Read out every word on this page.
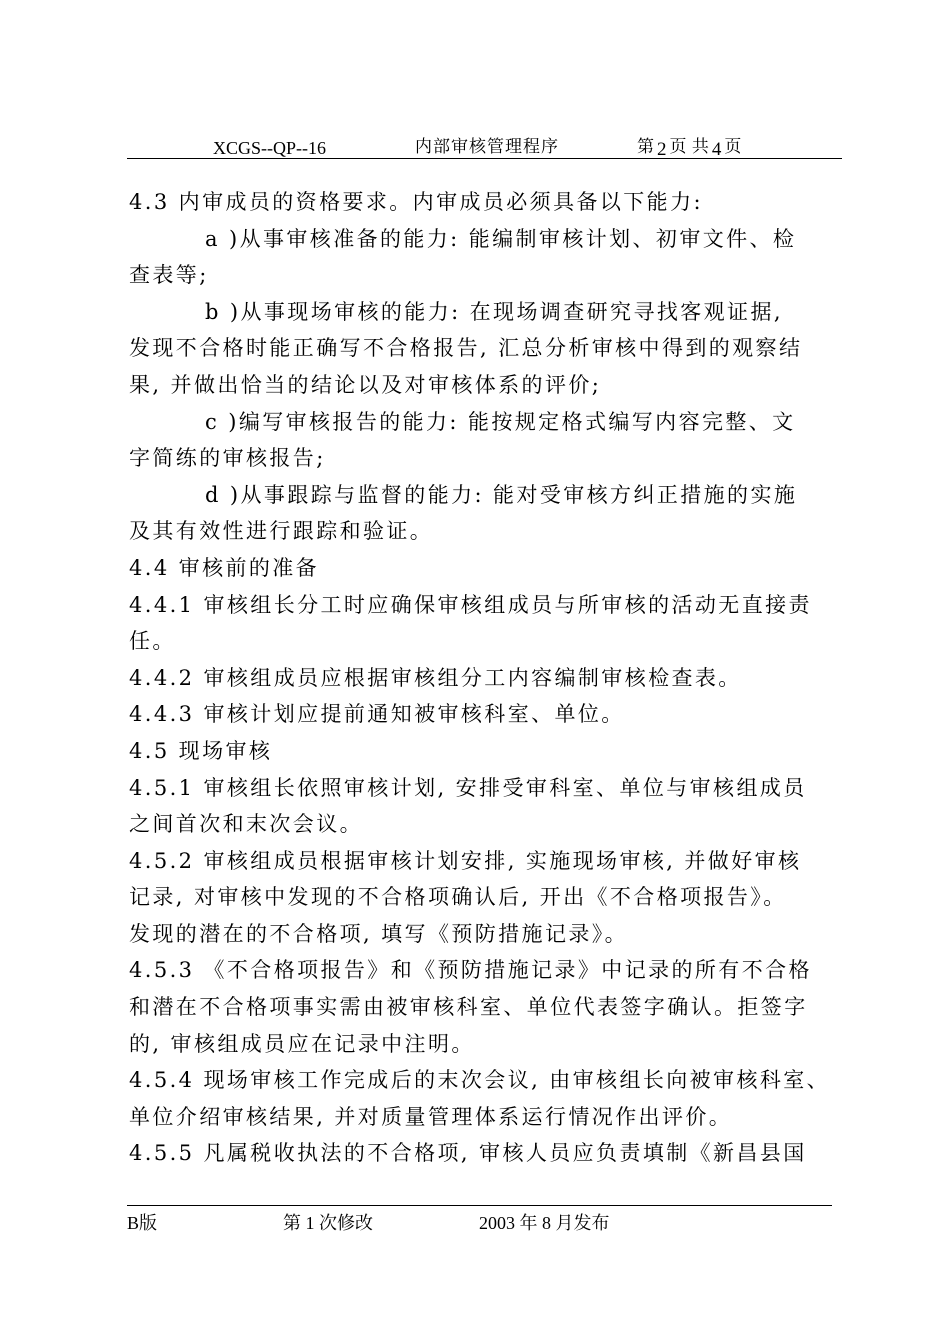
XCGS--QP--16	内部审核管理程序	第 2 页 共 4 页
4.3 内审成员的资格要求。内审成员必须具备以下能力:
a )从事审核准备的能力: 能编制审核计划、初审文件、检
查表等;
b )从事现场审核的能力: 在现场调查研究寻找客观证据,
发现不合格时能正确写不合格报告, 汇总分析审核中得到的观察结
果, 并做出恰当的结论以及对审核体系的评价;
c )编写审核报告的能力: 能按规定格式编写内容完整、文
字简练的审核报告;
d )从事跟踪与监督的能力: 能对受审核方纠正措施的实施
及其有效性进行跟踪和验证。
4.4 审核前的准备
4.4.1 审核组长分工时应确保审核组成员与所审核的活动无直接责
任。
4.4.2 审核组成员应根据审核组分工内容编制审核检查表。
4.4.3 审核计划应提前通知被审核科室、单位。
4.5 现场审核
4.5.1 审核组长依照审核计划, 安排受审科室、单位与审核组成员
之间首次和末次会议。
4.5.2 审核组成员根据审核计划安排, 实施现场审核, 并做好审核
记录, 对审核中发现的不合格项确认后, 开出《不合格项报告》。
发现的潜在的不合格项, 填写《预防措施记录》。
4.5.3 《不合格项报告》和《预防措施记录》中记录的所有不合格
和潜在不合格项事实需由被审核科室、单位代表签字确认。拒签字
的, 审核组成员应在记录中注明。
4.5.4 现场审核工作完成后的末次会议, 由审核组长向被审核科室、
单位介绍审核结果, 并对质量管理体系运行情况作出评价。
4.5.5 凡属税收执法的不合格项, 审核人员应负责填制《新昌县国
B版	第 1 次修改	2003 年 8 月发布
